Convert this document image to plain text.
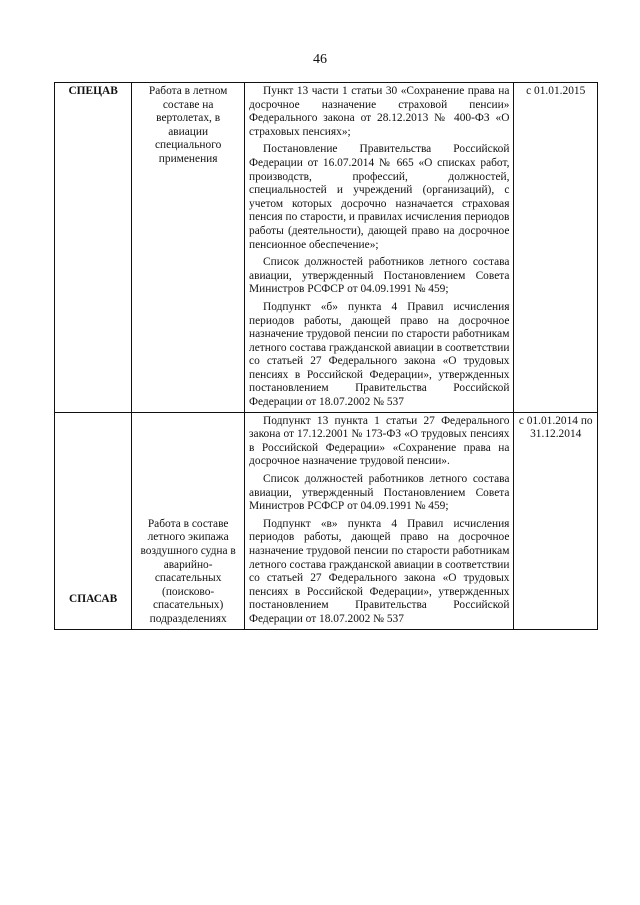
46
СПЕЦАВ	Работа в летном составе на вертолетах, в авиации специального применения	Пункт 13 части 1 статьи 30 «Сохранение права на досрочное назначение страховой пенсии» Федерального закона от 28.12.2013 № 400-ФЗ «О страховых пенсиях»;

Постановление Правительства Российской Федерации от 16.07.2014 № 665 «О списках работ, производств, профессий, должностей, специальностей и учреждений (организаций), с учетом которых досрочно назначается страховая пенсия по старости, и правилах исчисления периодов работы (деятельности), дающей право на досрочное пенсионное обеспечение»;

Список должностей работников летного состава авиации, утвержденный Постановлением Совета Министров РСФСР от 04.09.1991 № 459;

Подпункт «б» пункта 4 Правил исчисления периодов работы, дающей право на досрочное назначение трудовой пенсии по старости работникам летного состава гражданской авиации в соответствии со статьей 27 Федерального закона «О трудовых пенсиях в Российской Федерации», утвержденных постановлением Правительства Российской Федерации от 18.07.2002 № 537	с 01.01.2015
СПАСАВ	Работа в составе летного экипажа воздушного судна в аварийно-спасательных (поисково-спасательных) подразделениях	Подпункт 13 пункта 1 статьи 27 Федерального закона от 17.12.2001 № 173-ФЗ «О трудовых пенсиях в Российской Федерации» «Сохранение права на досрочное назначение трудовой пенсии».

Список должностей работников летного состава авиации, утвержденный Постановлением Совета Министров РСФСР от 04.09.1991 № 459;

Подпункт «в» пункта 4 Правил исчисления периодов работы, дающей право на досрочное назначение трудовой пенсии по старости работникам летного состава гражданской авиации в соответствии со статьей 27 Федерального закона «О трудовых пенсиях в Российской Федерации», утвержденных постановлением Правительства Российской Федерации от 18.07.2002 № 537	с 01.01.2014 по 31.12.2014
